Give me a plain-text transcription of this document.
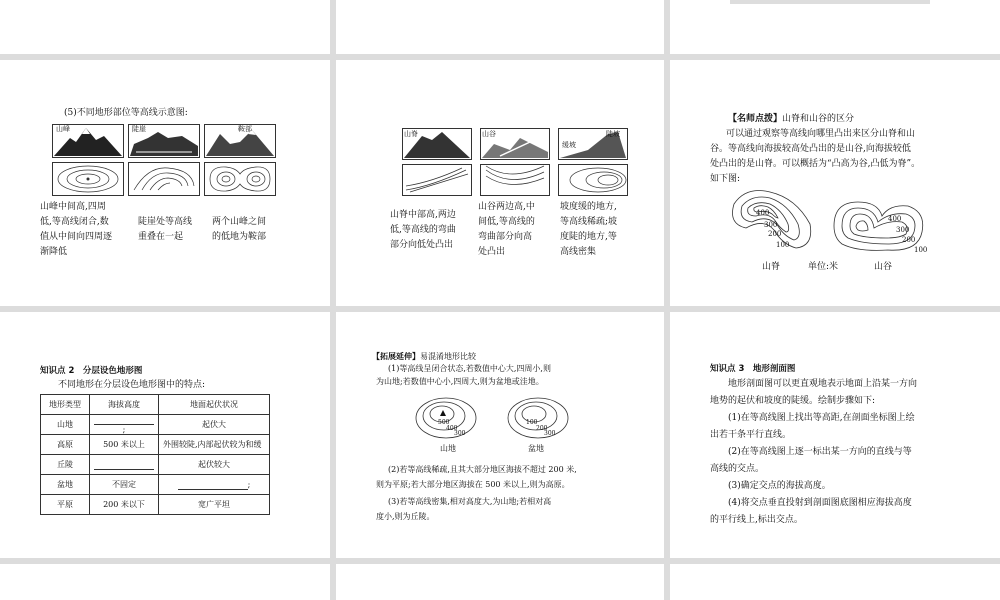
(5)不同地形部位等高线示意图:
山峰	陡崖	鞍部
山峰中间高,四周
低,等高线闭合,数
值从中间向四周逐
渐降低
陡崖处等高线
重叠在一起
两个山峰之间
的低地为鞍部
山脊	山谷
缓坡
陡坡
山脊中部高,两边
低,等高线的弯曲
部分向低处凸出
山谷两边高,中
间低,等高线的
弯曲部分向高
处凸出
坡度缓的地方,
等高线稀疏;坡
度陡的地方,等
高线密集
【名师点拨】山脊和山谷的区分
可以通过观察等高线向哪里凸出来区分山脊和山
谷。等高线向海拔较高处凸出的是山谷,向海拔较低
处凸出的是山脊。可以概括为“凸高为谷,凸低为脊”。
如下图:
400
300
200
100
400
300
200
100
山脊	单位:米	山谷
知识点 2　分层设色地形图
不同地形在分层设色地形图中的特点:
地形类型	海拔高度	地面起伏状况
山地	;	起伏大
高原	500 米以上	外围较陡,内部起伏较为和缓
丘陵		起伏较大
盆地	不固定	;
平原	200 米以下	宽广平坦
【拓展延伸】易混淆地形比较
(1)等高线呈闭合状态,若数值中心大,四周小,则
为山地;若数值中心小,四周大,则为盆地或洼地。
500
400
300
100
200
300
山地	盆地
(2)若等高线稀疏,且其大部分地区海拔不超过 200 米,
则为平原;若大部分地区海拔在 500 米以上,则为高原。
(3)若等高线密集,相对高度大,为山地;若相对高
度小,则为丘陵。
知识点 3　地形剖面图
地形剖面图可以更直观地表示地面上沿某一方向
地势的起伏和坡度的陡缓。绘制步骤如下:
(1)在等高线图上找出等高距,在剖面坐标图上绘
出若干条平行直线。
(2)在等高线图上逐一标出某一方向的直线与等
高线的交点。
(3)确定交点的海拔高度。
(4)将交点垂直投射到剖面图底图相应海拔高度
的平行线上,标出交点。
